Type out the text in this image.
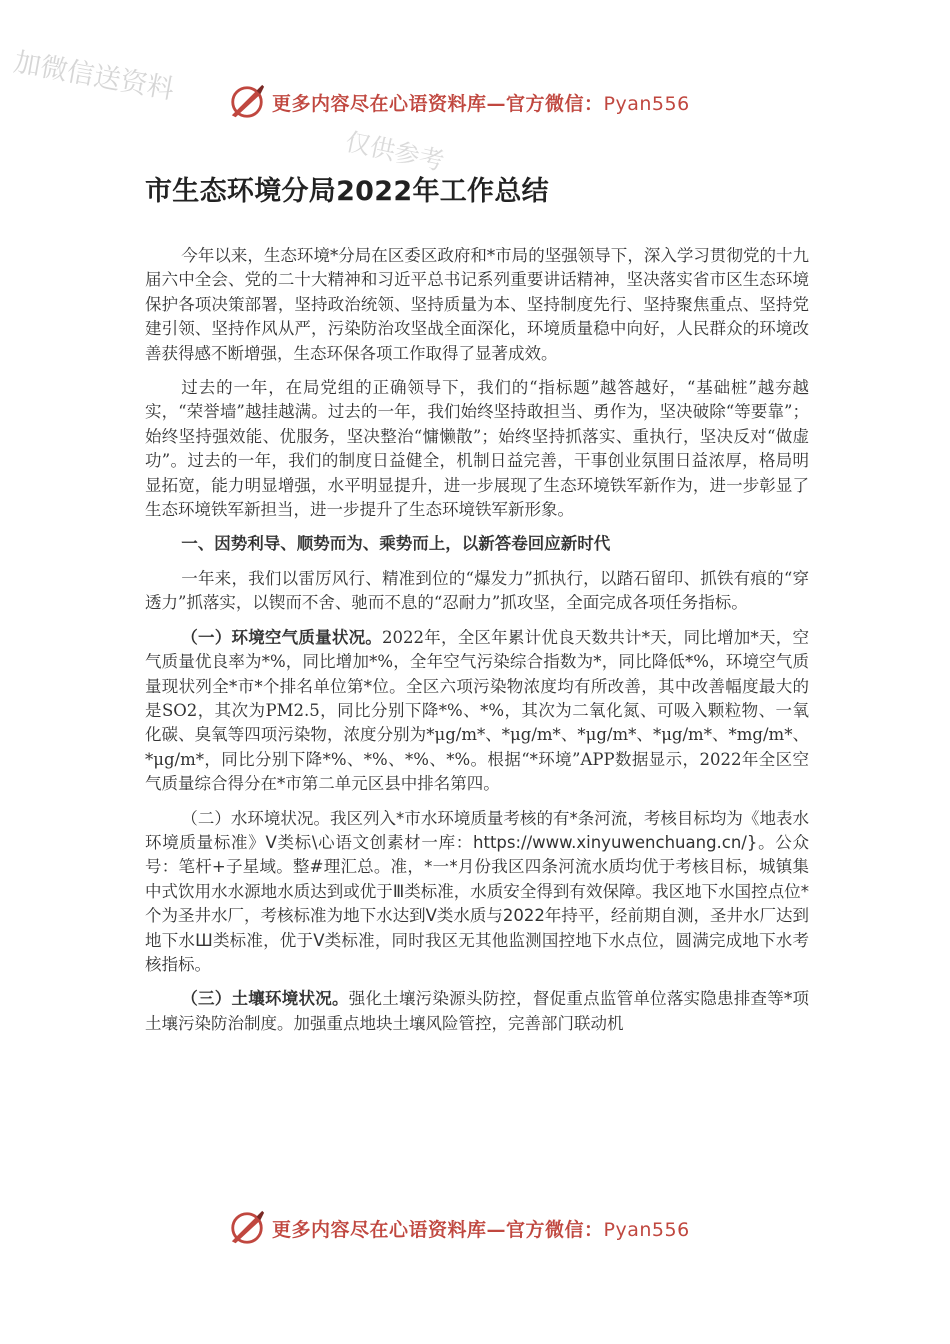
加微信送资料
仅供参考
更多内容尽在心语资料库—官方微信：Pyan556
市生态环境分局2022年工作总结

今年以来，生态环境*分局在区委区政府和*市局的坚强领导下，深入学习贯彻党的十九届六中全会、党的二十大精神和习近平总书记系列重要讲话精神，坚决落实省市区生态环境保护各项决策部署，坚持政治统领、坚持质量为本、坚持制度先行、坚持聚焦重点、坚持党建引领、坚持作风从严，污染防治攻坚战全面深化，环境质量稳中向好，人民群众的环境改善获得感不断增强，生态环保各项工作取得了显著成效。

过去的一年，在局党组的正确领导下，我们的“指标题”越答越好，“基础桩”越夯越实，“荣誉墙”越挂越满。过去的一年，我们始终坚持敢担当、勇作为，坚决破除“等要靠”；始终坚持强效能、优服务，坚决整治“慵懒散”；始终坚持抓落实、重执行，坚决反对“做虚功”。过去的一年，我们的制度日益健全，机制日益完善，干事创业氛围日益浓厚，格局明显拓宽，能力明显增强，水平明显提升，进一步展现了生态环境铁军新作为，进一步彰显了生态环境铁军新担当，进一步提升了生态环境铁军新形象。

一、因势利导、顺势而为、乘势而上，以新答卷回应新时代

一年来，我们以雷厉风行、精准到位的“爆发力”抓执行，以踏石留印、抓铁有痕的“穿透力”抓落实，以锲而不舍、驰而不息的“忍耐力”抓攻坚，全面完成各项任务指标。

（一）环境空气质量状况。2022年，全区年累计优良天数共计*天，同比增加*天，空气质量优良率为*%，同比增加*%，全年空气污染综合指数为*，同比降低*%，环境空气质量现状列全*市*个排名单位第*位。全区六项污染物浓度均有所改善，其中改善幅度最大的是SO2，其次为PM2.5，同比分别下降*%、*%，其次为二氧化氮、可吸入颗粒物、一氧化碳、臭氧等四项污染物，浓度分别为*μg/m*、*μg/m*、*μg/m*、*μg/m*、*mg/m*、*μg/m*，同比分别下降*%、*%、*%、*%。根据“*环境”APP数据显示，2022年全区空气质量综合得分在*市第二单元区县中排名第四。

（二）水环境状况。我区列入*市水环境质量考核的有*条河流，考核目标均为《地表水环境质量标准》Ⅴ类标\心语文创素材一库：https://www.xinyuwenchuang.cn/}。公众号：笔杆+子星域。整#理汇总。准，*一*月份我区四条河流水质均优于考核目标，城镇集中式饮用水水源地水质达到或优于Ⅲ类标准，水质安全得到有效保障。我区地下水国控点位*个为圣井水厂，考核标准为地下水达到Ⅴ类水质与2022年持平，经前期自测，圣井水厂达到地下水Ш类标准，优于Ⅴ类标准，同时我区无其他监测国控地下水点位，圆满完成地下水考核指标。

（三）土壤环境状况。强化土壤污染源头防控，督促重点监管单位落实隐患排查等*项土壤污染防治制度。加强重点地块土壤风险管控，完善部门联动机

更多内容尽在心语资料库—官方微信：Pyan556
